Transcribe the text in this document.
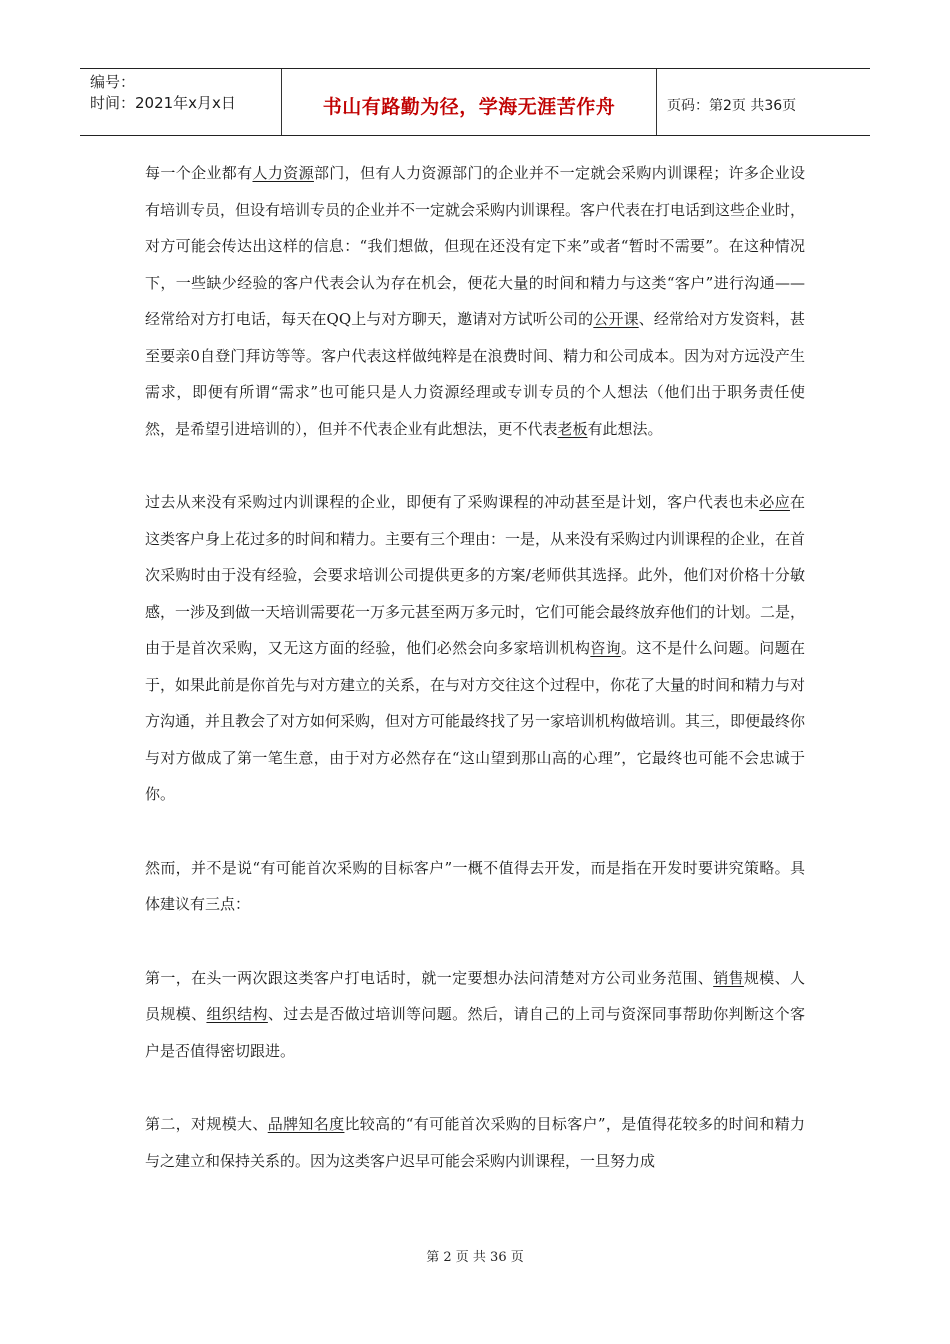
编号：
时间：2021年x月x日	书山有路勤为径，学海无涯苦作舟	页码：第2页 共36页

每一个企业都有人力资源部门，但有人力资源部门的企业并不一定就会采购内训课程；许多企业设有培训专员，但设有培训专员的企业并不一定就会采购内训课程。客户代表在打电话到这些企业时，对方可能会传达出这样的信息：“我们想做，但现在还没有定下来”或者“暂时不需要”。在这种情况下，一些缺少经验的客户代表会认为存在机会，便花大量的时间和精力与这类“客户”进行沟通——经常给对方打电话，每天在QQ上与对方聊天，邀请对方试听公司的公开课、经常给对方发资料，甚至要亲0自登门拜访等等。客户代表这样做纯粹是在浪费时间、精力和公司成本。因为对方远没产生需求，即便有所谓“需求”也可能只是人力资源经理或专训专员的个人想法（他们出于职务责任使然，是希望引进培训的），但并不代表企业有此想法，更不代表老板有此想法。

过去从来没有采购过内训课程的企业，即便有了采购课程的冲动甚至是计划，客户代表也未必应在这类客户身上花过多的时间和精力。主要有三个理由：一是，从来没有采购过内训课程的企业，在首次采购时由于没有经验，会要求培训公司提供更多的方案/老师供其选择。此外，他们对价格十分敏感，一涉及到做一天培训需要花一万多元甚至两万多元时，它们可能会最终放弃他们的计划。二是，由于是首次采购，又无这方面的经验，他们必然会向多家培训机构咨询。这不是什么问题。问题在于，如果此前是你首先与对方建立的关系，在与对方交往这个过程中，你花了大量的时间和精力与对方沟通，并且教会了对方如何采购，但对方可能最终找了另一家培训机构做培训。其三，即便最终你与对方做成了第一笔生意，由于对方必然存在“这山望到那山高的心理”，它最终也可能不会忠诚于你。

然而，并不是说“有可能首次采购的目标客户”一概不值得去开发，而是指在开发时要讲究策略。具体建议有三点：

第一，在头一两次跟这类客户打电话时，就一定要想办法问清楚对方公司业务范围、销售规模、人员规模、组织结构、过去是否做过培训等问题。然后，请自己的上司与资深同事帮助你判断这个客户是否值得密切跟进。

第二，对规模大、品牌知名度比较高的“有可能首次采购的目标客户”，是值得花较多的时间和精力与之建立和保持关系的。因为这类客户迟早可能会采购内训课程，一旦努力成

第 2 页 共 36 页
